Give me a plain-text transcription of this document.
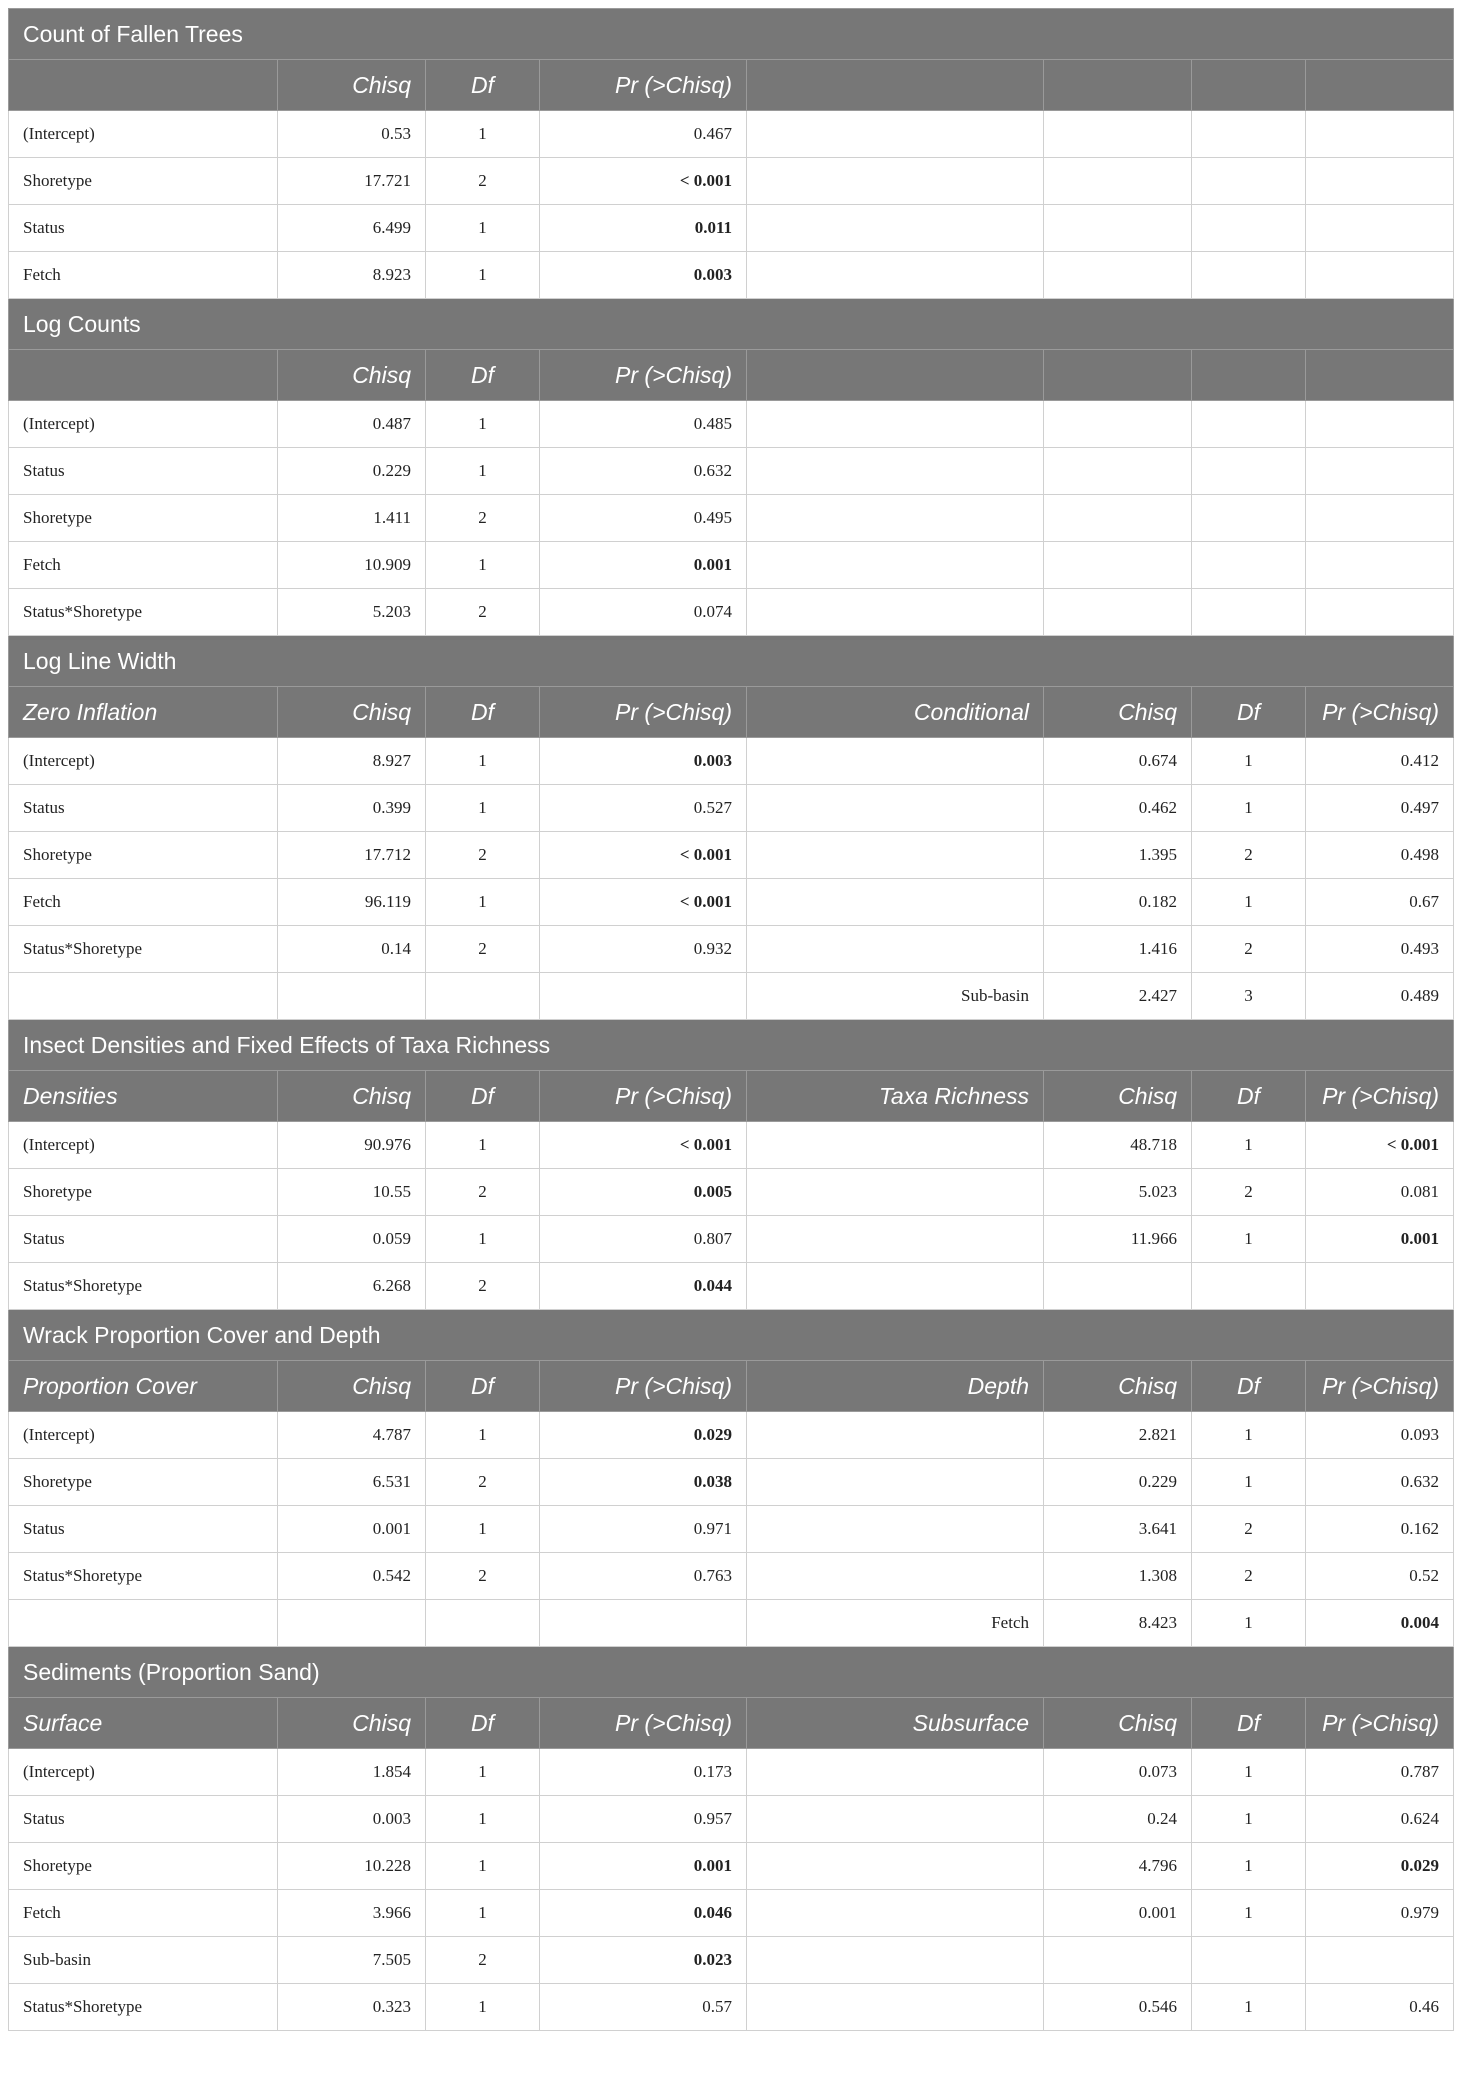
Count of Fallen Trees							
	Chisq	Df	Pr (>Chisq)				
(Intercept)	0.53	1	0.467				
Shoretype	17.721	2	< 0.001				
Status	6.499	1	0.011				
Fetch	8.923	1	0.003				
Log Counts							
	Chisq	Df	Pr (>Chisq)				
(Intercept)	0.487	1	0.485				
Status	0.229	1	0.632				
Shoretype	1.411	2	0.495				
Fetch	10.909	1	0.001				
Status*Shoretype	5.203	2	0.074				
Log Line Width							
Zero Inflation	Chisq	Df	Pr (>Chisq)	Conditional	Chisq	Df	Pr (>Chisq)
(Intercept)	8.927	1	0.003		0.674	1	0.412
Status	0.399	1	0.527		0.462	1	0.497
Shoretype	17.712	2	< 0.001		1.395	2	0.498
Fetch	96.119	1	< 0.001		0.182	1	0.67
Status*Shoretype	0.14	2	0.932		1.416	2	0.493
				Sub-basin	2.427	3	0.489
Insect Densities and Fixed Effects of Taxa Richness							
Densities	Chisq	Df	Pr (>Chisq)	Taxa Richness	Chisq	Df	Pr (>Chisq)
(Intercept)	90.976	1	< 0.001		48.718	1	< 0.001
Shoretype	10.55	2	0.005		5.023	2	0.081
Status	0.059	1	0.807		11.966	1	0.001
Status*Shoretype	6.268	2	0.044				
Wrack Proportion Cover and Depth							
Proportion Cover	Chisq	Df	Pr (>Chisq)	Depth	Chisq	Df	Pr (>Chisq)
(Intercept)	4.787	1	0.029		2.821	1	0.093
Shoretype	6.531	2	0.038		0.229	1	0.632
Status	0.001	1	0.971		3.641	2	0.162
Status*Shoretype	0.542	2	0.763		1.308	2	0.52
				Fetch	8.423	1	0.004
Sediments (Proportion Sand)							
Surface	Chisq	Df	Pr (>Chisq)	Subsurface	Chisq	Df	Pr (>Chisq)
(Intercept)	1.854	1	0.173		0.073	1	0.787
Status	0.003	1	0.957		0.24	1	0.624
Shoretype	10.228	1	0.001		4.796	1	0.029
Fetch	3.966	1	0.046		0.001	1	0.979
Sub-basin	7.505	2	0.023				
Status*Shoretype	0.323	1	0.57		0.546	1	0.46
